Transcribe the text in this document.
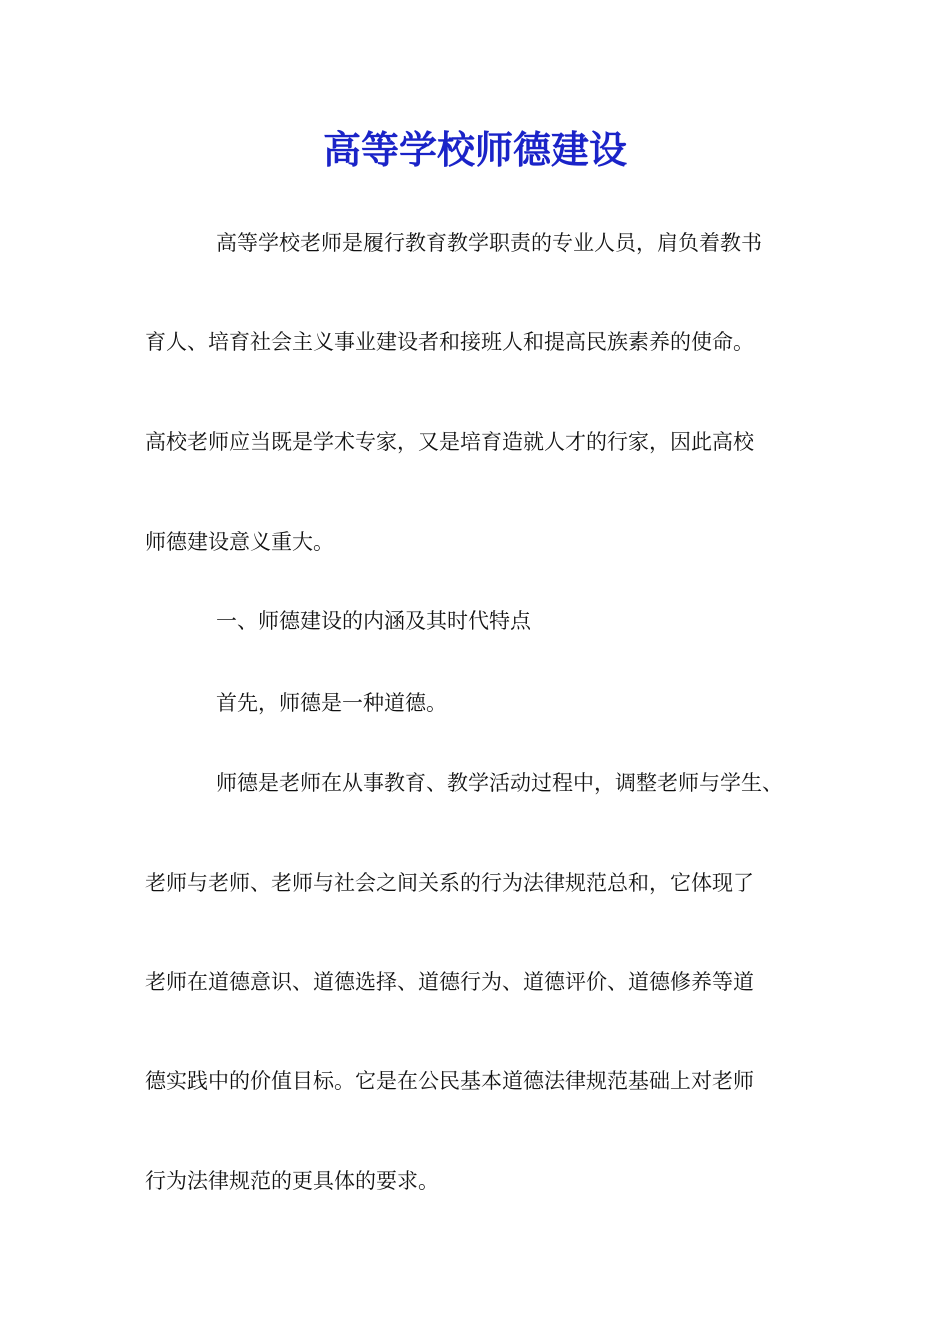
高等学校师德建设

高等学校老师是履行教育教学职责的专业人员，肩负着教书

育人、培育社会主义事业建设者和接班人和提高民族素养的使命。

高校老师应当既是学术专家，又是培育造就人才的行家，因此高校

师德建设意义重大。

一、师德建设的内涵及其时代特点

首先，师德是一种道德。

师德是老师在从事教育、教学活动过程中，调整老师与学生、

老师与老师、老师与社会之间关系的行为法律规范总和，它体现了

老师在道德意识、道德选择、道德行为、道德评价、道德修养等道

德实践中的价值目标。它是在公民基本道德法律规范基础上对老师

行为法律规范的更具体的要求。
